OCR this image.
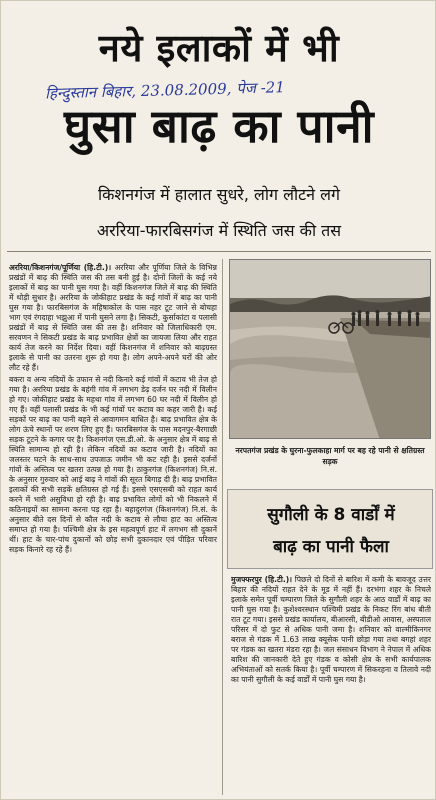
नये इलाकों में भी
हिन्दुस्तान बिहार, 23.08.2009, पेज -21
घुसा बाढ़ का पानी
किशनगंज में हालात सुधरे, लोग लौटने लगे
अररिया-फारबिसगंज में स्थिति जस की तस

अररिया/किशनगंज/पूर्णिया (हि.टी.)। अररिया और पूर्णिया जिले के विभिन्न प्रखंडों में बाढ़ की स्थिति जस की तस बनी हुई है। दोनों जिलों के कई नये इलाकों में बाढ़ का पानी घुस गया है। वहीं किशनगंज जिले में बाढ़ की स्थिति में थोड़ी सुधार है। अररिया के जोकीहाट प्रखंड के कई गांवों में बाढ़ का पानी घुस गया है। फारबिसगंज के महिषाकोल के पास नहर टूट जाने से बोचहा भाग एवं रंगदाहा भझुआ में पानी घुसने लगा है। सिकटी, कुर्साकांटा व पलासी प्रखंडों में बाढ़ से स्थिति जस की तस है। शनिवार को जिलाधिकारी एम. सरवणन ने सिकटी प्रखंड के बाढ़ प्रभावित क्षेत्रों का जायजा लिया और राहत कार्य तेज करने का निर्देश दिया। वहीं किशनगंज में शनिवार को बाढ़ग्रस्त इलाके से पानी का उतरना शुरू हो गया है। लोग अपने-अपने घरों की ओर लौट रहे हैं।

बकरा व अन्य नदियों के उफान से नदी किनारे कई गांवों में कटाव भी तेज हो गया है। अररिया प्रखंड के बहंगी गांव में लगभग डेढ़ दर्जन घर नदी में विलीन हो गए। जोकीहाट प्रखंड के महथा गांव में लगभग 60 घर नदी में विलीन हो गए हैं। वहीं पलासी प्रखंड के भी कई गांवों पर कटाव का कहर जारी है। कई सड़कों पर बाढ़ का पानी बहने से आवागमन बाधित है। बाढ़ प्रभावित क्षेत्र के लोग ऊंचे स्थानों पर शरण लिए हुए हैं। फारबिसगंज के पास मदनपुर-बैरगाछी सड़क टूटने के कगार पर है। किशनगंज एस.डी.ओ. के अनुसार क्षेत्र में बाढ़ से स्थिति सामान्य हो रही है। लेकिन नदियों का कटाव जारी है। नदियों का जलस्तर घटने के साथ-साथ उपजाऊ जमीन भी कट रही है। इससे दर्जनों गांवों के अस्तित्व पर खतरा उत्पन्न हो गया है। ठाकुरगंज (किशनगंज) नि.सं. के अनुसार गुरुवार को आई बाढ़ ने गांवों की सूरत बिगाड़ दी है। बाढ़ प्रभावित इलाकों की सभी सड़कें क्षतिग्रस्त हो गई हैं। इससे एसएसबी को राहत कार्य करने में भारी असुविधा हो रही है। बाढ़ प्रभावित लोगों को भी निकलने में कठिनाइयों का सामना करना पड़ रहा है। बहादुरगंज (किशनगंज) नि.सं. के अनुसार बीते दस दिनों से कौल नदी के कटाव से लौचा हाट का अस्तित्व समाप्त हो गया है। पश्चिमी क्षेत्र के इस महत्वपूर्ण हाट में लगभग सौ दुकानें थीं। हाट के चार-पांच दुकानों को छोड़ सभी दुकानदार एवं पीड़ित परिवार सड़क किनारे रह रहे हैं।

नरपतगंज प्रखंड के घुरना-फुलकाहा मार्ग पर बह रहे पानी से क्षतिग्रस्त सड़क
सुगौली के 8 वार्डों में
बाढ़ का पानी फैला

मुजफ्फरपुर (हि.टी.)। पिछले दो दिनों से बारिश में कमी के बावजूद उत्तर बिहार की नदियों राहत देने के मूड में नहीं हैं। दरभंगा शहर के निचले इलाके समेत पूर्वी चम्पारण जिले के सुगौली शहर के आठ वार्डों में बाढ़ का पानी घुस गया है। कुशेश्वरस्थान पश्चिमी प्रखंड के निकट रिंग बांध बीती रात टूट गया। इससे प्रखंड कार्यालय, बीआरसी, बीडीओ आवास, अस्पताल परिसर में दो फुट से अधिक पानी जमा है। शनिवार को वाल्मीकिनगर बराज से गंडक में 1.63 लाख क्यूसेक पानी छोड़ा गया तथा बगहां शहर पर गंडक का खतरा मंडरा रहा है। जल संसाधन विभाग ने नेपाल में अधिक बारिश की जानकारी देते हुए गंडक व कोसी क्षेत्र के सभी कार्यपालक अभियंताओं को सतर्क किया है। पूर्वी चम्पारण में सिकरहना व तिलावे नदी का पानी सुगौली के कई वार्डों में पानी घुस गया है।
